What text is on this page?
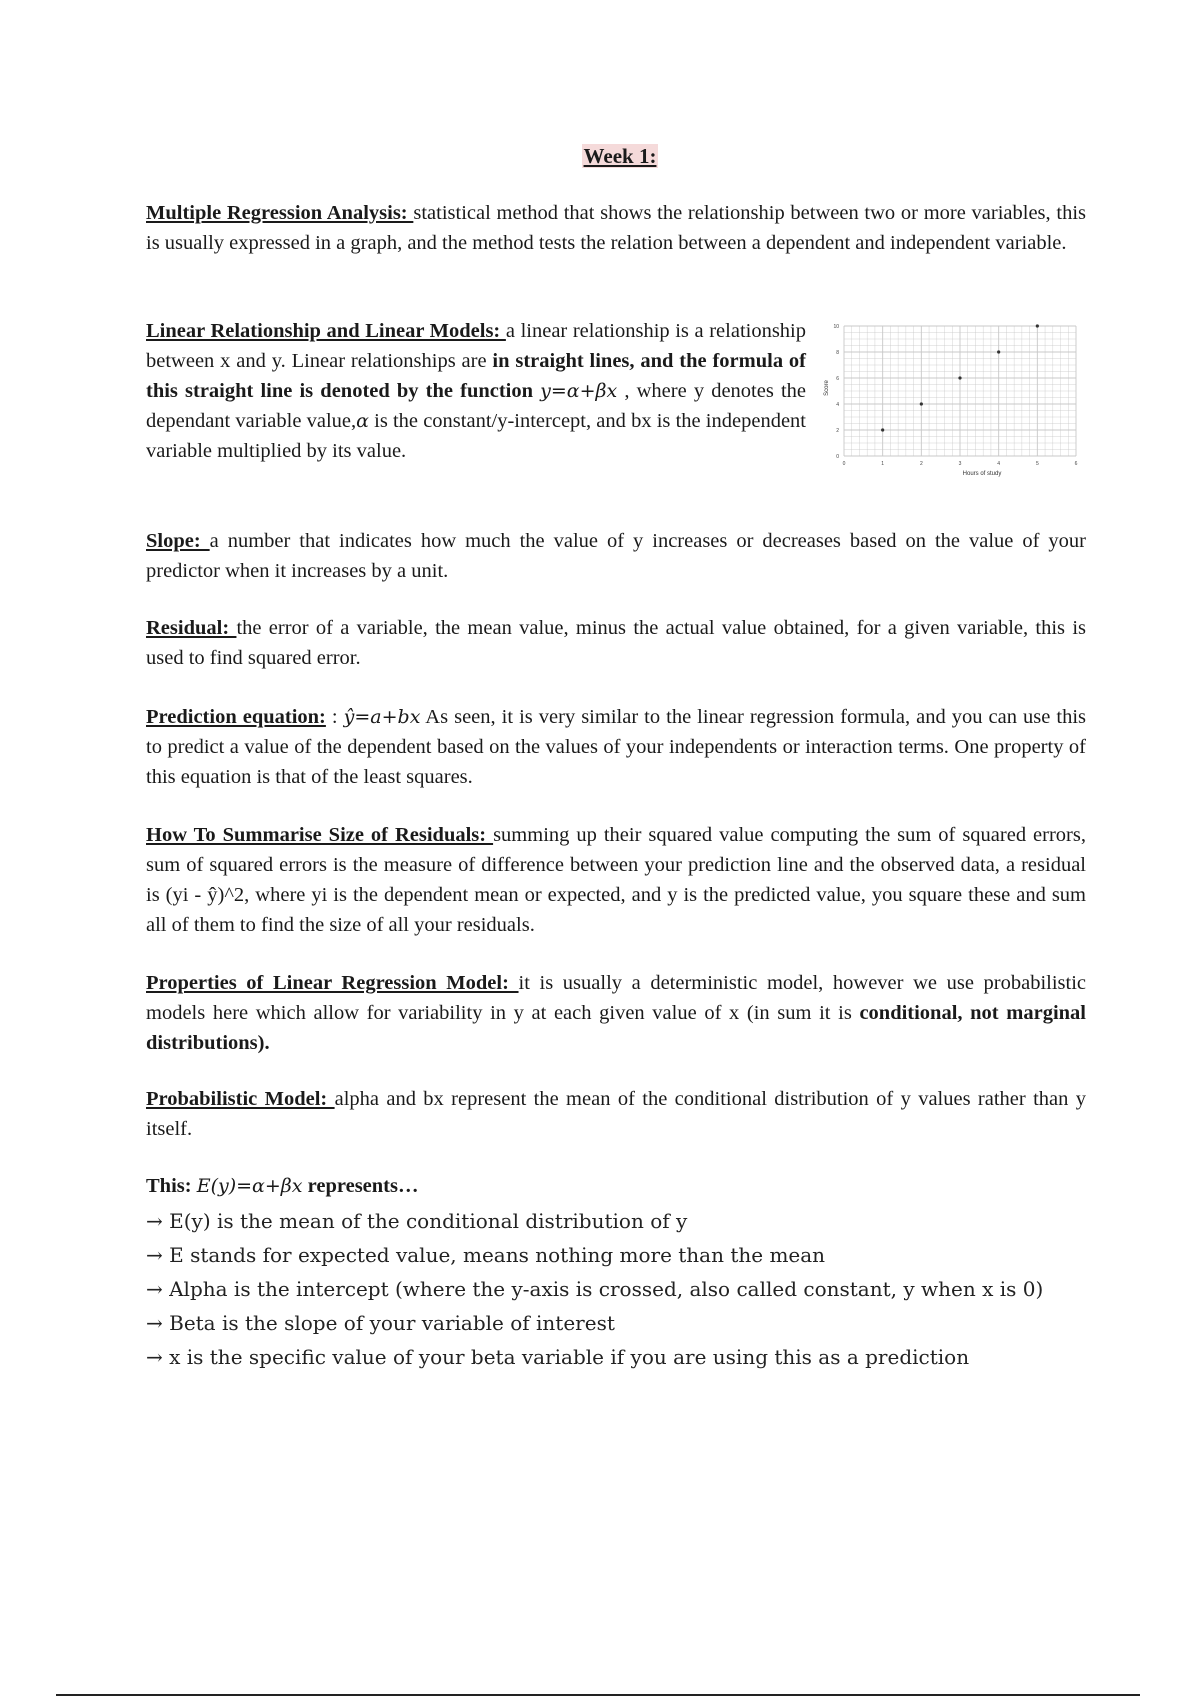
Week 1:
Multiple Regression Analysis: statistical method that shows the relationship between two or more variables, this is usually expressed in a graph, and the method tests the relation between a dependent and independent variable.
Linear Relationship and Linear Models: a linear relationship is a relationship between x and y. Linear relationships are in straight lines, and the formula of this straight line is denoted by the function y=α+βx , where y denotes the dependant variable value,α is the constant/y-intercept, and bx is the independent variable multiplied by its value.
0	1	2	3	4	5	6
0
2
4
6
8
10
Hours of study
Score
Slope: a number that indicates how much the value of y increases or decreases based on the value of your predictor when it increases by a unit.
Residual: the error of a variable, the mean value, minus the actual value obtained, for a given variable, this is used to find squared error.
Prediction equation: : ŷ=a+bx As seen, it is very similar to the linear regression formula, and you can use this to predict a value of the dependent based on the values of your independents or interaction terms. One property of this equation is that of the least squares.
How To Summarise Size of Residuals: summing up their squared value computing the sum of squared errors, sum of squared errors is the measure of difference between your prediction line and the observed data, a residual is (yi - ŷ)^2, where yi is the dependent mean or expected, and y is the predicted value, you square these and sum all of them to find the size of all your residuals.
Properties of Linear Regression Model: it is usually a deterministic model, however we use probabilistic models here which allow for variability in y at each given value of x (in sum it is conditional, not marginal distributions).
Probabilistic Model: alpha and bx represent the mean of the conditional distribution of y values rather than y itself.
This: E(y)=α+βx represents…
→ E(y) is the mean of the conditional distribution of y
→ E stands for expected value, means nothing more than the mean
→ Alpha is the intercept (where the y-axis is crossed, also called constant, y when x is 0)
→ Beta is the slope of your variable of interest
→ x is the specific value of your beta variable if you are using this as a prediction
